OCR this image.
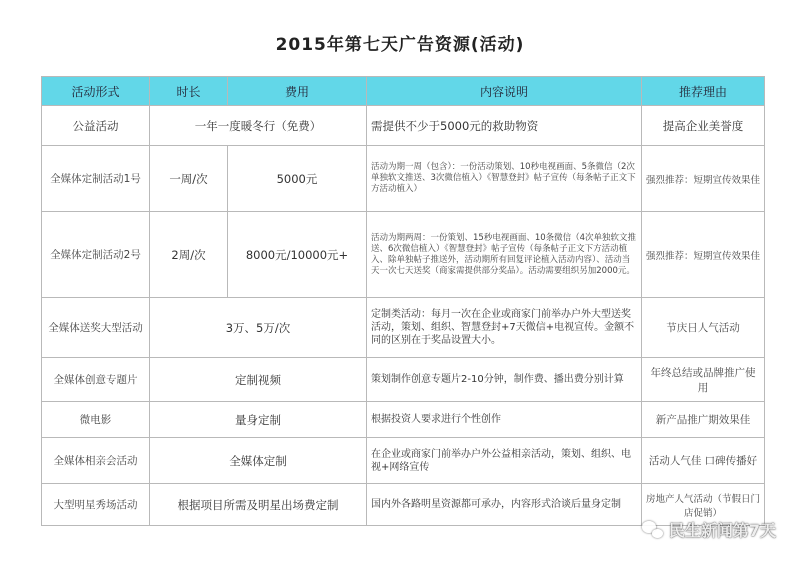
2015年第七天广告资源(活动)
活动形式	时长	费用	内容说明	推荐理由
公益活动	一年一度暖冬行（免费）		需提供不少于5000元的救助物资	提高企业美誉度
全媒体定制活动1号	一周/次	5000元	活动为期一周（包含）：一份活动策划、10秒电视画面、5条微信（2次单独软文推送、3次微信植入）《智慧登封》帖子宣传（每条帖子正文下方活动植入）	强烈推荐：短期宣传效果佳
全媒体定制活动2号	2周/次	8000元/10000元+	活动为期两周：一份策划、15秒电视画面、10条微信（4次单独软文推送、6次微信植入）《智慧登封》帖子宣传（每条帖子正文下方活动植入、除单独帖子推送外，活动期所有回复评论植入活动内容）、活动当天一次七天送奖（商家需提供部分奖品）。活动需要组织另加2000元。	强烈推荐：短期宣传效果佳
全媒体送奖大型活动	3万、5万/次		定制类活动：每月一次在企业或商家门前举办户外大型送奖活动，策划、组织、智慧登封+7天微信+电视宣传。金额不同的区别在于奖品设置大小。	节庆日人气活动
全媒体创意专题片	定制视频		策划制作创意专题片2-10分钟，制作费、播出费分别计算	年终总结或品牌推广使用
微电影	量身定制		根据投资人要求进行个性创作	新产品推广期效果佳
全媒体相亲会活动	全媒体定制		在企业或商家门前举办户外公益相亲活动，策划、组织、电视+网络宣传	活动人气佳 口碑传播好
大型明星秀场活动	根据项目所需及明星出场费定制		国内外各路明星资源都可承办，内容形式洽谈后量身定制	房地产人气活动（节假日门店促销）
民生新闻第7天
